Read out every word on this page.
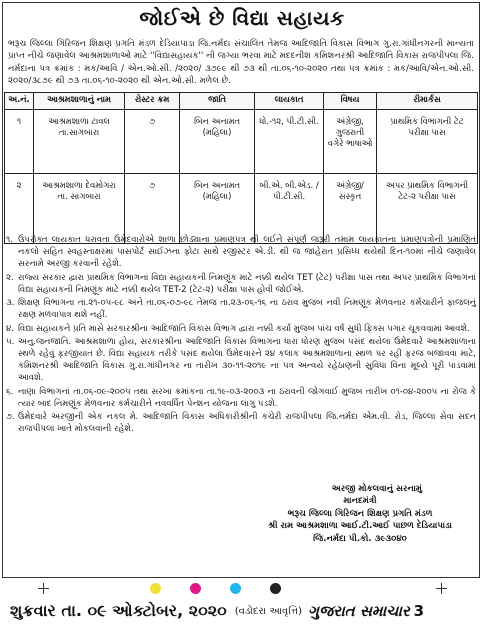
જોઈએ છે વિદ્યા સહાયક
ભરૂચ જિલ્લા ગિરિજન શિક્ષણ પ્રગતિ મંડળ દેડિયાપાડા જિ.નર્મદા સંચાલિત તેમજ આદિજાતિ વિકાસ વિભાગ ગુ.રા.ગાંધીનગરની માન્યતા પ્રાપ્ત નીચે જણાવેલ આશ્રમશાળાઓ માટે ''વિદ્યાસહાયક'' ની જગ્યા ભરવા માટે મદદનીશ કમિશનરશ્રી આદિજાતિ વિકાસ રાજપીપલા જિ. નર્મદાના પત્ર ક્રમાંક : મક/આવિ / એન.ઓ.સી. /૨૦૨૦/ ૩૭૯૯ થી ૭૩ થી તા.૦૬-૧૦-૨૦૨૦ તથા પત્ર ક્રમાંક : મક/આવિ/એન.ઓ.સી. ૨૦૨૦/૩૮૭૯ થી ૭૩ તા.૦૬-૧૦-૨૦૨૦ થી એન.ઓ.સી. મળેલ છે.
અ.નં.	આશ્રમશાળાનું નામ	રોસ્ટર ક્રમ	જાતિ	લાયકાત	વિષય	રીમાર્કસ
૧	આશ્રમશાળા ટાવલ તા.સાગબારા	૭	બિન અનામત (મહિલા)	ધો.-૧૨, પી.ટી.સી.	અંગ્રેજી, ગુજરાતી વગેરે ભાષાઓ	પ્રાથમિક વિભાગની ટેટ પરીક્ષા પાસ
૨	આશ્રમશાળા દેવમોગરા તા. સાગબારા	૭	બિન અનામત (મહિલા)	બી.એ. બી.એડ. /પી.ટી.સી.	અંગ્રેજી/ સંસ્કૃત	અપર પ્રાથમિક વિભાગની ટેટ-૨ પરીક્ષા પાસ
૧. ઉપરોક્ત લાયકાત ધરાવતા ઉમેદવારોએ શાળા છોડ્યાના પ્રમાણપત્ર થી લઈને સંપૂર્ણ જરૂરી તમામ લાયકાતના પ્રમાણપત્રોની પ્રમાણિત નકલો સહિત સ્વહસ્તાક્ષરમાં પાસપોર્ટ સાઈઝના ફોટા સાથે રજીસ્ટર એ.ડી. થી જ જાહેરાત પ્રસિધ્ધ થયેથી દિન-૧૦માં નીચે જણાવેલ સરનામે અરજી કરવાની રહેશે.
૨. રાજ્ય સરકાર દ્વારા પ્રાથમિક વિભાગનાં વિદ્યા સહાયકની નિમણૂંક માટે નક્કી થયેલ TET (ટેટ) પરીક્ષા પાસ તથા અપર પ્રાથમિક વિભાગનાં વિદ્યા સહાયકની નિમણૂંક માટે નક્કી થયેલ TET-2 (ટેટ-૨) પરીક્ષા પાસ હોવી જોઈએ.
૩. શિક્ષણ વિભાગના તા.૨૧-૦૫-૯૮ અને તા.૦૬-૦૭-૯૮ તેમજ તા.૨૩-૦૬-૧૬ ના ઠરાવ મુજબ નવી નિમણૂંક મેળવનાર કર્મચારીને ફાજલનું રક્ષણ મળવાપાત્ર થશે નહીં.
૪. વિદ્યા સહાયકને પ્રતિ માસે સરકારશ્રીના આદિજાતિ વિકાસ વિભાગ દ્વારા નક્કી કર્યા મુજબ પાંચ વર્ષ સુધી ફિક્સ પગાર ચૂકવવામાં આવશે.
૫. અનુ.જનજાતિ. આશ્રમશાળા હોય, સરકારશ્રીના આદિજાતિ વિકાસ વિભાગના ધારા ધોરણ મુજબ પસંદ થયેલા ઉમેદવારે આશ્રમશાળાના સ્થળે રહેવું ફરજીયાત છે. વિદ્યા સહાયક તરીકે પસંદ થયેલા ઉમેદવારને ૨૪ કલાક આશ્રમશાળાના સ્થળ પર રહી ફરજ બજાવવા માટે, કમિશનરશ્રી આદિજાતિ વિકાસ ગુ.રા.ગાંધીનગર ના તારીખ ૩૦-૧૧-૨૦૧૯ ના પત્ર અન્વયે રહેઠાણની સુવિધા વિના મૂલ્યે પૂરી પાડવામાં આવશે.
૬. નાણા વિભાગનાં તા.૦૬-૦૯-૨૦૦૫ તથા સરખા ક્રમાંકના તા.૧૯-૦૩-૨૦૦૩ ના ઠરાવની જોગવાઈ મુજબ તારીખ ૦૧-૦૪-૨૦૦૫ ના રોજ કે ત્યાર બાદ નિમણૂંક મેળવનાર કર્મચારીને નવવર્ધિત પેન્શન યોજના લાગુ પડશે.
૭. ઉમેદવારે અરજીની એક નકલ મે. આદિજાતિ વિકાસ અધિકારીશ્રીની કચેરી રાજપીપલા જિ.નર્મદા એમ.વી. રોડ, જિલ્લા સેવા સદન રાજપીપલા ખાતે મોકલવાની રહેશે.
અરજી મોકલવાનું સરનામું
માનદમંત્રી
ભરૂચ જિલ્લા ગિરિજન શિક્ષણ પ્રગતિ મંડળ
શ્રી રામ આશ્રમશાળા આઈ.ટી.આઈ પાછળ દેડિયાપાડા
જિ.નર્મદા પી.કો. ૩૯૩૦૪૦
શુક્રવાર તા. ૦૯ ઓક્ટોબર, ૨૦૨૦ (વડોદરા આવૃત્તિ) ગુજરાત સમાચાર 3
